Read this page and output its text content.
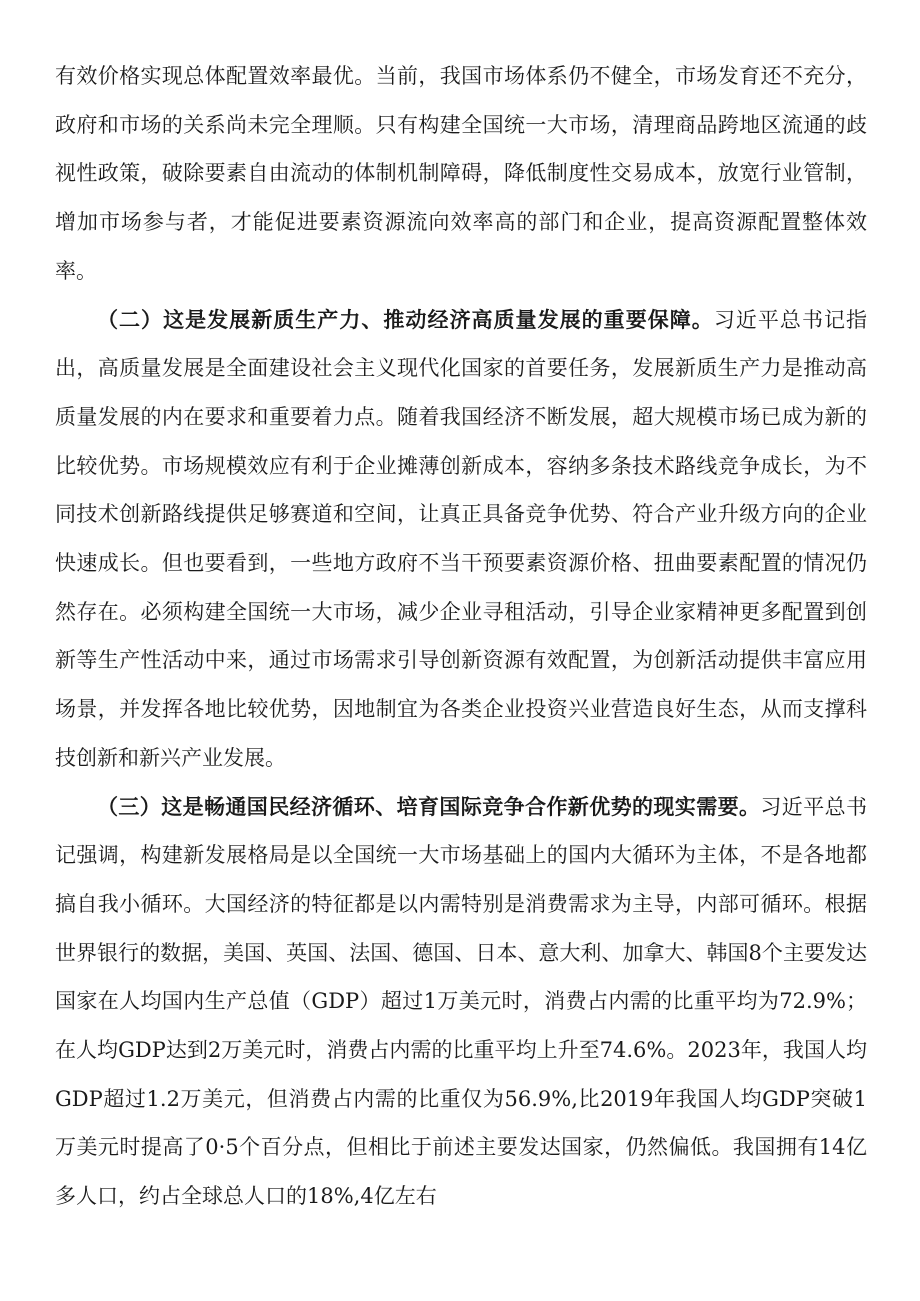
有效价格实现总体配置效率最优。当前，我国市场体系仍不健全，市场发育还不充分，政府和市场的关系尚未完全理顺。只有构建全国统一大市场，清理商品跨地区流通的歧视性政策，破除要素自由流动的体制机制障碍，降低制度性交易成本，放宽行业管制，增加市场参与者，才能促进要素资源流向效率高的部门和企业，提高资源配置整体效率。

（二）这是发展新质生产力、推动经济高质量发展的重要保障。习近平总书记指出，高质量发展是全面建设社会主义现代化国家的首要任务，发展新质生产力是推动高质量发展的内在要求和重要着力点。随着我国经济不断发展，超大规模市场已成为新的比较优势。市场规模效应有利于企业摊薄创新成本，容纳多条技术路线竞争成长，为不同技术创新路线提供足够赛道和空间，让真正具备竞争优势、符合产业升级方向的企业快速成长。但也要看到，一些地方政府不当干预要素资源价格、扭曲要素配置的情况仍然存在。必须构建全国统一大市场，减少企业寻租活动，引导企业家精神更多配置到创新等生产性活动中来，通过市场需求引导创新资源有效配置，为创新活动提供丰富应用场景，并发挥各地比较优势，因地制宜为各类企业投资兴业营造良好生态，从而支撑科技创新和新兴产业发展。

（三）这是畅通国民经济循环、培育国际竞争合作新优势的现实需要。习近平总书记强调，构建新发展格局是以全国统一大市场基础上的国内大循环为主体，不是各地都搞自我小循环。大国经济的特征都是以内需特别是消费需求为主导，内部可循环。根据世界银行的数据，美国、英国、法国、德国、日本、意大利、加拿大、韩国8个主要发达国家在人均国内生产总值（GDP）超过1万美元时，消费占内需的比重平均为72.9%；在人均GDP达到2万美元时，消费占内需的比重平均上升至74.6%。2023年，我国人均GDP超过1.2万美元，但消费占内需的比重仅为56.9%,比2019年我国人均GDP突破1万美元时提高了0·5个百分点，但相比于前述主要发达国家，仍然偏低。我国拥有14亿多人口，约占全球总人口的18%,4亿左右
